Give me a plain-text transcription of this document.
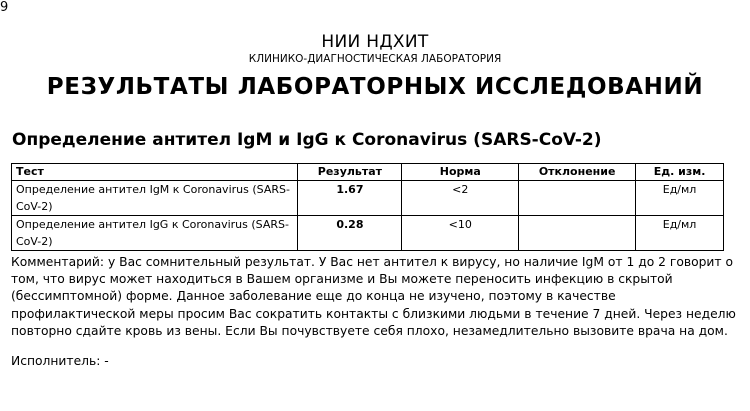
9
НИИ НДХИТ
КЛИНИКО-ДИАГНОСТИЧЕСКАЯ ЛАБОРАТОРИЯ
РЕЗУЛЬТАТЫ ЛАБОРАТОРНЫХ ИССЛЕДОВАНИЙ
Определение антител IgM и IgG к Coronavirus (SARS-CoV-2)
Тест	Результат	Норма	Отклонение	Ед. изм.
Определение антител IgM к Coronavirus (SARS-CoV-2)	1.67	<2		Ед/мл
Определение антител IgG к Coronavirus (SARS-CoV-2)	0.28	<10		Ед/мл
Комментарий: у Вас сомнительный результат. У Вас нет антител к вирусу, но наличие IgM от 1 до 2 говорит о том, что вирус может находиться в Вашем организме и Вы можете переносить инфекцию в скрытой (бессимптомной) форме. Данное заболевание еще до конца не изучено, поэтому в качестве профилактической меры просим Вас сократить контакты с близкими людьми в течение 7 дней. Через неделю повторно сдайте кровь из вены. Если Вы почувствуете себя плохо, незамедлительно вызовите врача на дом.
Исполнитель: -
